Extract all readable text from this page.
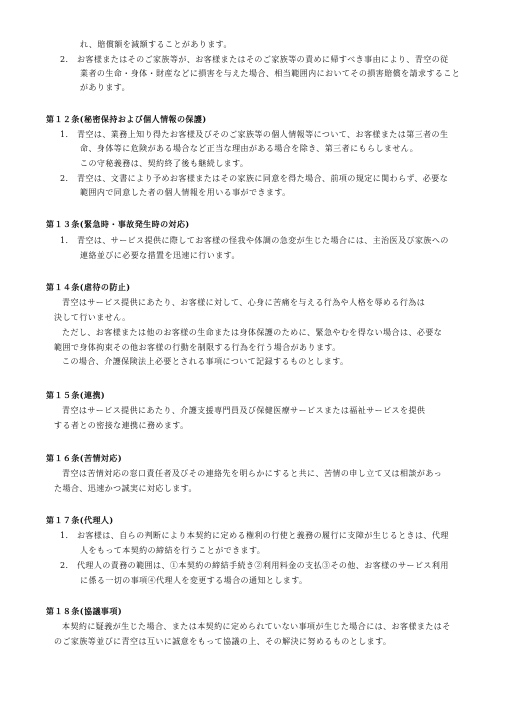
れ、賠償額を減額することがあります。
2． お客様またはそのご家族等が、お客様またはそのご家族等の責めに帰すべき事由により、青空の従
業者の生命・身体・財産などに損害を与えた場合、相当範囲内においてその損害賠償を請求すること
があります。
第１２条(秘密保持および個人情報の保護)
1． 青空は、業務上知り得たお客様及びそのご家族等の個人情報等について、お客様または第三者の生
命、身体等に危険がある場合など正当な理由がある場合を除き、第三者にもらしません。
この守秘義務は、契約終了後も継続します。
2． 青空は、文書により予めお客様またはその家族に同意を得た場合、前項の規定に関わらず、必要な
範囲内で同意した者の個人情報を用いる事ができます。
第１３条(緊急時・事故発生時の対応)
1． 青空は、サービス提供に際してお客様の怪我や体調の急変が生じた場合には、主治医及び家族への
連絡並びに必要な措置を迅速に行います。
第１４条(虐待の防止)
青空はサービス提供にあたり、お客様に対して、心身に苦痛を与える行為や人格を辱める行為は
決して行いません。
ただし、お客様または他のお客様の生命または身体保護のために、緊急やむを得ない場合は、必要な
範囲で身体拘束その他お客様の行動を制限する行為を行う場合があります。
この場合、介護保険法上必要とされる事項について記録するものとします。
第１５条(連携)
青空はサービス提供にあたり、介護支援専門員及び保健医療サービスまたは福祉サービスを提供
する者との密接な連携に務めます。
第１６条(苦情対応)
青空は苦情対応の窓口責任者及びその連絡先を明らかにすると共に、苦情の申し立て又は相談があっ
た場合、迅速かつ誠実に対応します。
第１７条(代理人)
1． お客様は、自らの判断により本契約に定める権利の行使と義務の履行に支障が生じるときは、代理
人をもって本契約の締結を行うことができます。
2． 代理人の責務の範囲は、①本契約の締結手続き②利用料金の支払③その他、お客様のサービス利用
に係る一切の事項④代理人を変更する場合の通知とします。
第１８条(協議事項)
本契約に疑義が生じた場合、または本契約に定められていない事項が生じた場合には、お客様またはそ
のご家族等並びに青空は互いに誠意をもって協議の上、その解決に努めるものとします。
